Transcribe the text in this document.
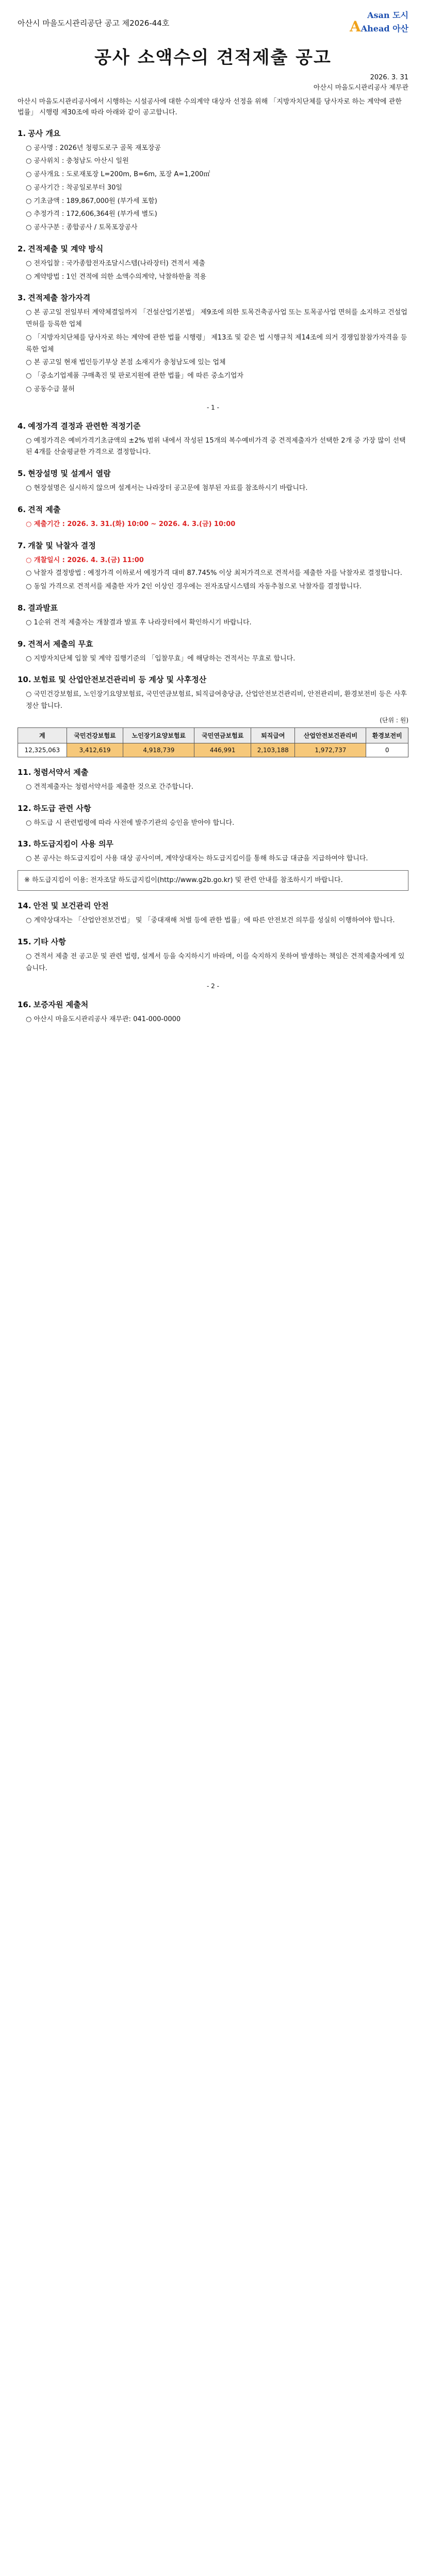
아산시 마을도시관리공단 공고 제2026-44호
Asan 도시
AAhead 아산
공사 소액수의 견적제출 공고
2026. 3. 31
아산시 마을도시관리공사 제무관
아산시 마을도시관리공사에서 시행하는 시설공사에 대한 수의계약 대상자 선정을 위해 「지방자치단체를 당사자로 하는 계약에 관한 법률」 시행령 제30조에 따라 아래와 같이 공고합니다.
1. 공사 개요
○ 공사명 : 2026년 청평도로구 골목 재포장공
○ 공사위치 : 충청남도 아산시 일원
○ 공사개요 : 도로재포장 L=200m, B=6m, 포장 A=1,200㎡
○ 공사기간 : 착공일로부터 30일
○ 기초금액 : 189,867,000원 (부가세 포함)
○ 추정가격 : 172,606,364원 (부가세 별도)
○ 공사구분 : 종합공사 / 토목포장공사
2. 견적제출 및 계약 방식
○ 전자입찰 : 국가종합전자조달시스템(나라장터) 견적서 제출
○ 계약방법 : 1인 견적에 의한 소액수의계약, 낙찰하한율 적용
3. 견적제출 참가자격
○ 본 공고일 전일부터 계약체결일까지 「건설산업기본법」 제9조에 의한 토목건축공사업 또는 토목공사업 면허를 소지하고 건설업 면허를 등록한 업체
○ 「지방자치단체를 당사자로 하는 계약에 관한 법률 시행령」 제13조 및 같은 법 시행규칙 제14조에 의거 경쟁입찰참가자격을 등록한 업체
○ 본 공고일 현재 법인등기부상 본점 소재지가 충청남도에 있는 업체
○ 「중소기업제품 구매촉진 및 판로지원에 관한 법률」에 따른 중소기업자
○ 공동수급 불허
- 1 -
4. 예정가격 결정과 관련한 적정기준
○ 예정가격은 예비가격기초금액의 ±2% 범위 내에서 작성된 15개의 복수예비가격 중 견적제출자가 선택한 2개 중 가장 많이 선택된 4개를 산술평균한 가격으로 결정합니다.
5. 현장설명 및 설계서 열람
○ 현장설명은 실시하지 않으며 설계서는 나라장터 공고문에 첨부된 자료를 참조하시기 바랍니다.
6. 견적 제출
○ 제출기간 : 2026. 3. 31.(화) 10:00 ~ 2026. 4. 3.(금) 10:00
7. 개찰 및 낙찰자 결정
○ 개찰일시 : 2026. 4. 3.(금) 11:00
○ 낙찰자 결정방법 : 예정가격 이하로서 예정가격 대비 87.745% 이상 최저가격으로 견적서를 제출한 자를 낙찰자로 결정합니다.
○ 동일 가격으로 견적서를 제출한 자가 2인 이상인 경우에는 전자조달시스템의 자동추첨으로 낙찰자를 결정합니다.
8. 결과발표
○ 1순위 견적 제출자는 개찰결과 발표 후 나라장터에서 확인하시기 바랍니다.
9. 견적서 제출의 무효
○ 지방자치단체 입찰 및 계약 집행기준의 「입찰무효」에 해당하는 견적서는 무효로 합니다.
10. 보험료 및 산업안전보건관리비 등 계상 및 사후정산
○ 국민건강보험료, 노인장기요양보험료, 국민연금보험료, 퇴직급여충당금, 산업안전보건관리비, 안전관리비, 환경보전비 등은 사후정산 합니다.
(단위 : 원)
계	국민건강보험료	노인장기요양보험료	국민연금보험료	퇴직급여	산업안전보건관리비	환경보전비
12,325,063	3,412,619	4,918,739	446,991	2,103,188	1,972,737	0
11. 청렴서약서 제출
○ 견적제출자는 청렴서약서를 제출한 것으로 간주합니다.
12. 하도급 관련 사항
○ 하도급 시 관련법령에 따라 사전에 발주기관의 승인을 받아야 합니다.
13. 하도급지킴이 사용 의무
○ 본 공사는 하도급지킴이 사용 대상 공사이며, 계약상대자는 하도급지킴이를 통해 하도급 대금을 지급하여야 합니다.
※ 하도급지킴이 이용: 전자조달 하도급지킴이(http://www.g2b.go.kr) 및 관련 안내를 참조하시기 바랍니다.
14. 안전 및 보건관리 안전
○ 계약상대자는 「산업안전보건법」 및 「중대재해 처벌 등에 관한 법률」에 따른 안전보건 의무를 성실히 이행하여야 합니다.
15. 기타 사항
○ 견적서 제출 전 공고문 및 관련 법령, 설계서 등을 숙지하시기 바라며, 이를 숙지하지 못하여 발생하는 책임은 견적제출자에게 있습니다.
- 2 -
16. 보증자원 제출처
○ 아산시 마을도시관리공사 재무관: 041-000-0000
